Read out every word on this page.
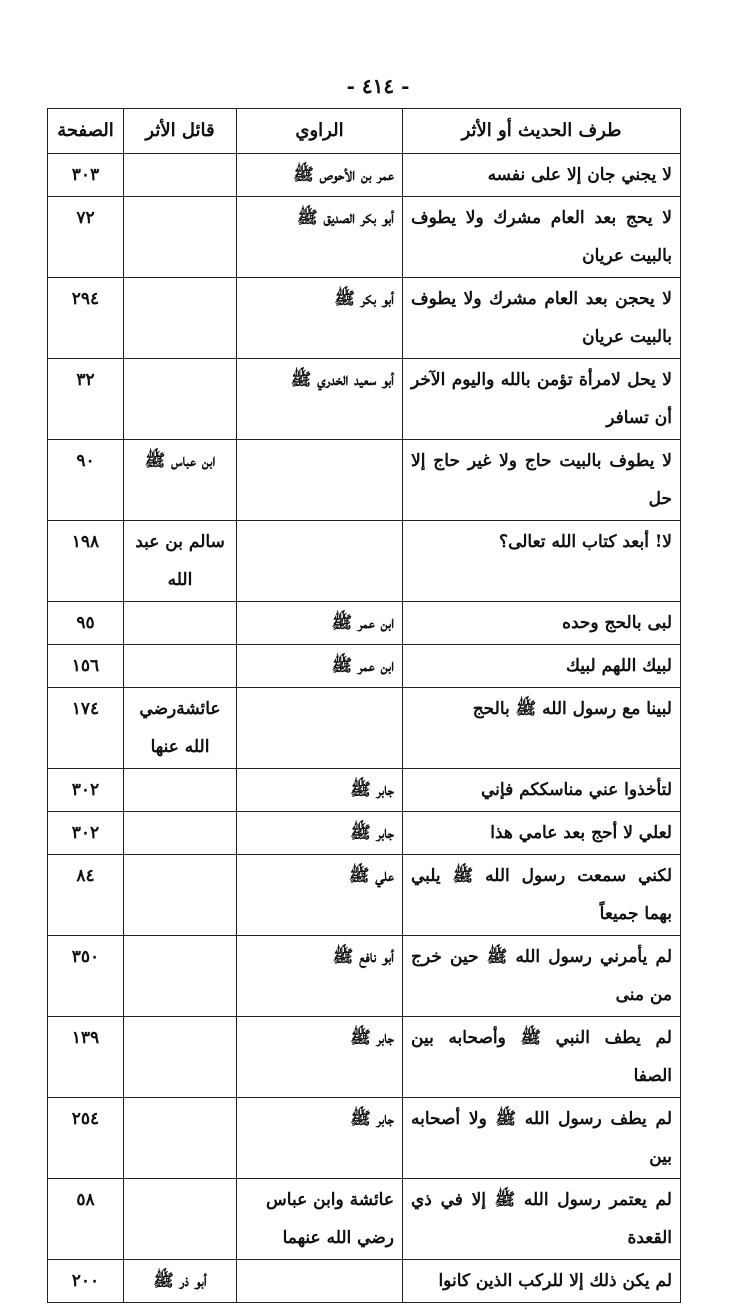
- ٤١٤ -
طرف الحديث أو الأثر	الراوي	قائل الأثر	الصفحة
لا يجني جان إلا على نفسه	عمر بن الأحوص ﷺ		٣٠٣
لا يحج بعد العام مشرك ولا يطوف بالبيت عريان	أبو بكر الصديق ﷺ		٧٢
لا يحجن بعد العام مشرك ولا يطوف بالبيت عريان	أبو بكر ﷺ		٢٩٤
لا يحل لامرأة تؤمن بالله واليوم الآخر أن تسافر	أبو سعيد الخدري ﷺ		٣٢
لا يطوف بالبيت حاج ولا غير حاج إلا حل		ابن عباس ﷺ	٩٠
لا! أبعد كتاب الله تعالى؟		سالم بن عبد الله	١٩٨
لبى بالحج وحده	ابن عمر ﷺ		٩٥
لبيك اللهم لبيك	ابن عمر ﷺ		١٥٦
لبينا مع رسول الله ﷺ بالحج		عائشةرضي الله عنها	١٧٤
لتأخذوا عني مناسككم فإني	جابر ﷺ		٣٠٢
لعلي لا أحج بعد عامي هذا	جابر ﷺ		٣٠٢
لكني سمعت رسول الله ﷺ يلبي بهما جميعاً	علي ﷺ		٨٤
لم يأمرني رسول الله ﷺ حين خرج من منى	أبو نافع ﷺ		٣٥٠
لم يطف النبي ﷺ وأصحابه بين الصفا	جابر ﷺ		١٣٩
لم يطف رسول الله ﷺ ولا أصحابه بين	جابر ﷺ		٢٥٤
لم يعتمر رسول الله ﷺ إلا في ذي القعدة	عائشة وابن عباس رضي الله عنهما		٥٨
لم يكن ذلك إلا للركب الذين كانوا		أبو ذر ﷺ	٢٠٠
